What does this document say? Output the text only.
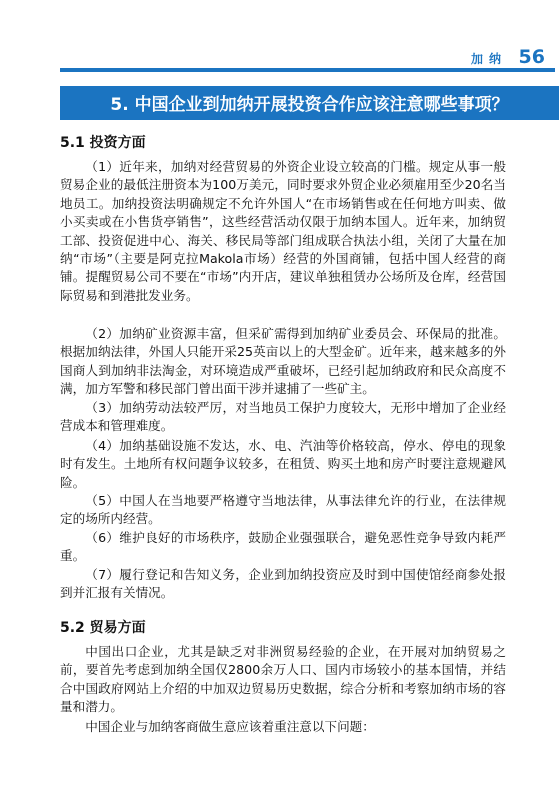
加纳 56
5. 中国企业到加纳开展投资合作应该注意哪些事项？
5.1 投资方面

（1）近年来，加纳对经营贸易的外资企业设立较高的门槛。规定从事一般贸易企业的最低注册资本为100万美元，同时要求外贸企业必须雇用至少20名当地员工。加纳投资法明确规定不允许外国人“在市场销售或在任何地方叫卖、做小买卖或在小售货亭销售”，这些经营活动仅限于加纳本国人。近年来，加纳贸工部、投资促进中心、海关、移民局等部门组成联合执法小组，关闭了大量在加纳“市场”（主要是阿克拉Makola市场）经营的外国商铺，包括中国人经营的商铺。提醒贸易公司不要在“市场”内开店，建议单独租赁办公场所及仓库，经营国际贸易和到港批发业务。

（2）加纳矿业资源丰富，但采矿需得到加纳矿业委员会、环保局的批准。根据加纳法律，外国人只能开采25英亩以上的大型金矿。近年来，越来越多的外国商人到加纳非法淘金，对环境造成严重破坏，已经引起加纳政府和民众高度不满，加方军警和移民部门曾出面干涉并逮捕了一些矿主。

（3）加纳劳动法较严厉，对当地员工保护力度较大，无形中增加了企业经营成本和管理难度。

（4）加纳基础设施不发达，水、电、汽油等价格较高，停水、停电的现象时有发生。土地所有权问题争议较多，在租赁、购买土地和房产时要注意规避风险。

（5）中国人在当地要严格遵守当地法律，从事法律允许的行业，在法律规定的场所内经营。

（6）维护良好的市场秩序，鼓励企业强强联合，避免恶性竞争导致内耗严重。

（7）履行登记和告知义务，企业到加纳投资应及时到中国使馆经商参处报到并汇报有关情况。

5.2 贸易方面

中国出口企业，尤其是缺乏对非洲贸易经验的企业，在开展对加纳贸易之前，要首先考虑到加纳全国仅2800余万人口、国内市场较小的基本国情，并结合中国政府网站上介绍的中加双边贸易历史数据，综合分析和考察加纳市场的容量和潜力。

中国企业与加纳客商做生意应该着重注意以下问题：
